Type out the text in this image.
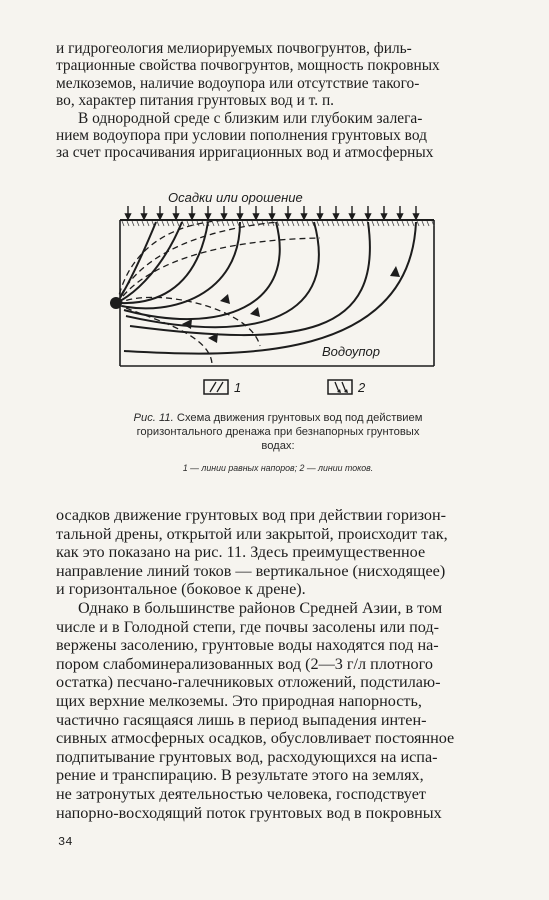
и гидрогеология мелиорируемых почвогрунтов, филь-
трационные свойства почвогрунтов, мощность покровных
мелкоземов, наличие водоупора или отсутствие такого-
во, характер питания грунтовых вод и т. п.
В однородной среде с близким или глубоким залега-
нием водоупора при условии пополнения грунтовых вод
за счет просачивания ирригационных вод и атмосферных
Осадки или орошение
Водоупор
1	2
Рис. 11. Схема движения грунтовых вод под действием
горизонтального дренажа при безнапорных грунтовых
водах:
1 — линии равных напоров; 2 — линии токов.
осадков движение грунтовых вод при действии горизон-
тальной дрены, открытой или закрытой, происходит так,
как это показано на рис. 11. Здесь преимущественное
направление линий токов — вертикальное (нисходящее)
и горизонтальное (боковое к дрене).
Однако в большинстве районов Средней Азии, в том
числе и в Голодной степи, где почвы засолены или под-
вержены засолению, грунтовые воды находятся под на-
пором слабоминерализованных вод (2—3 г/л плотного
остатка) песчано-галечниковых отложений, подстилаю-
щих верхние мелкоземы. Это природная напорность,
частично гасящаяся лишь в период выпадения интен-
сивных атмосферных осадков, обусловливает постоянное
подпитывание грунтовых вод, расходующихся на испа-
рение и транспирацию. В результате этого на землях,
не затронутых деятельностью человека, господствует
напорно-восходящий поток грунтовых вод в покровных
34
